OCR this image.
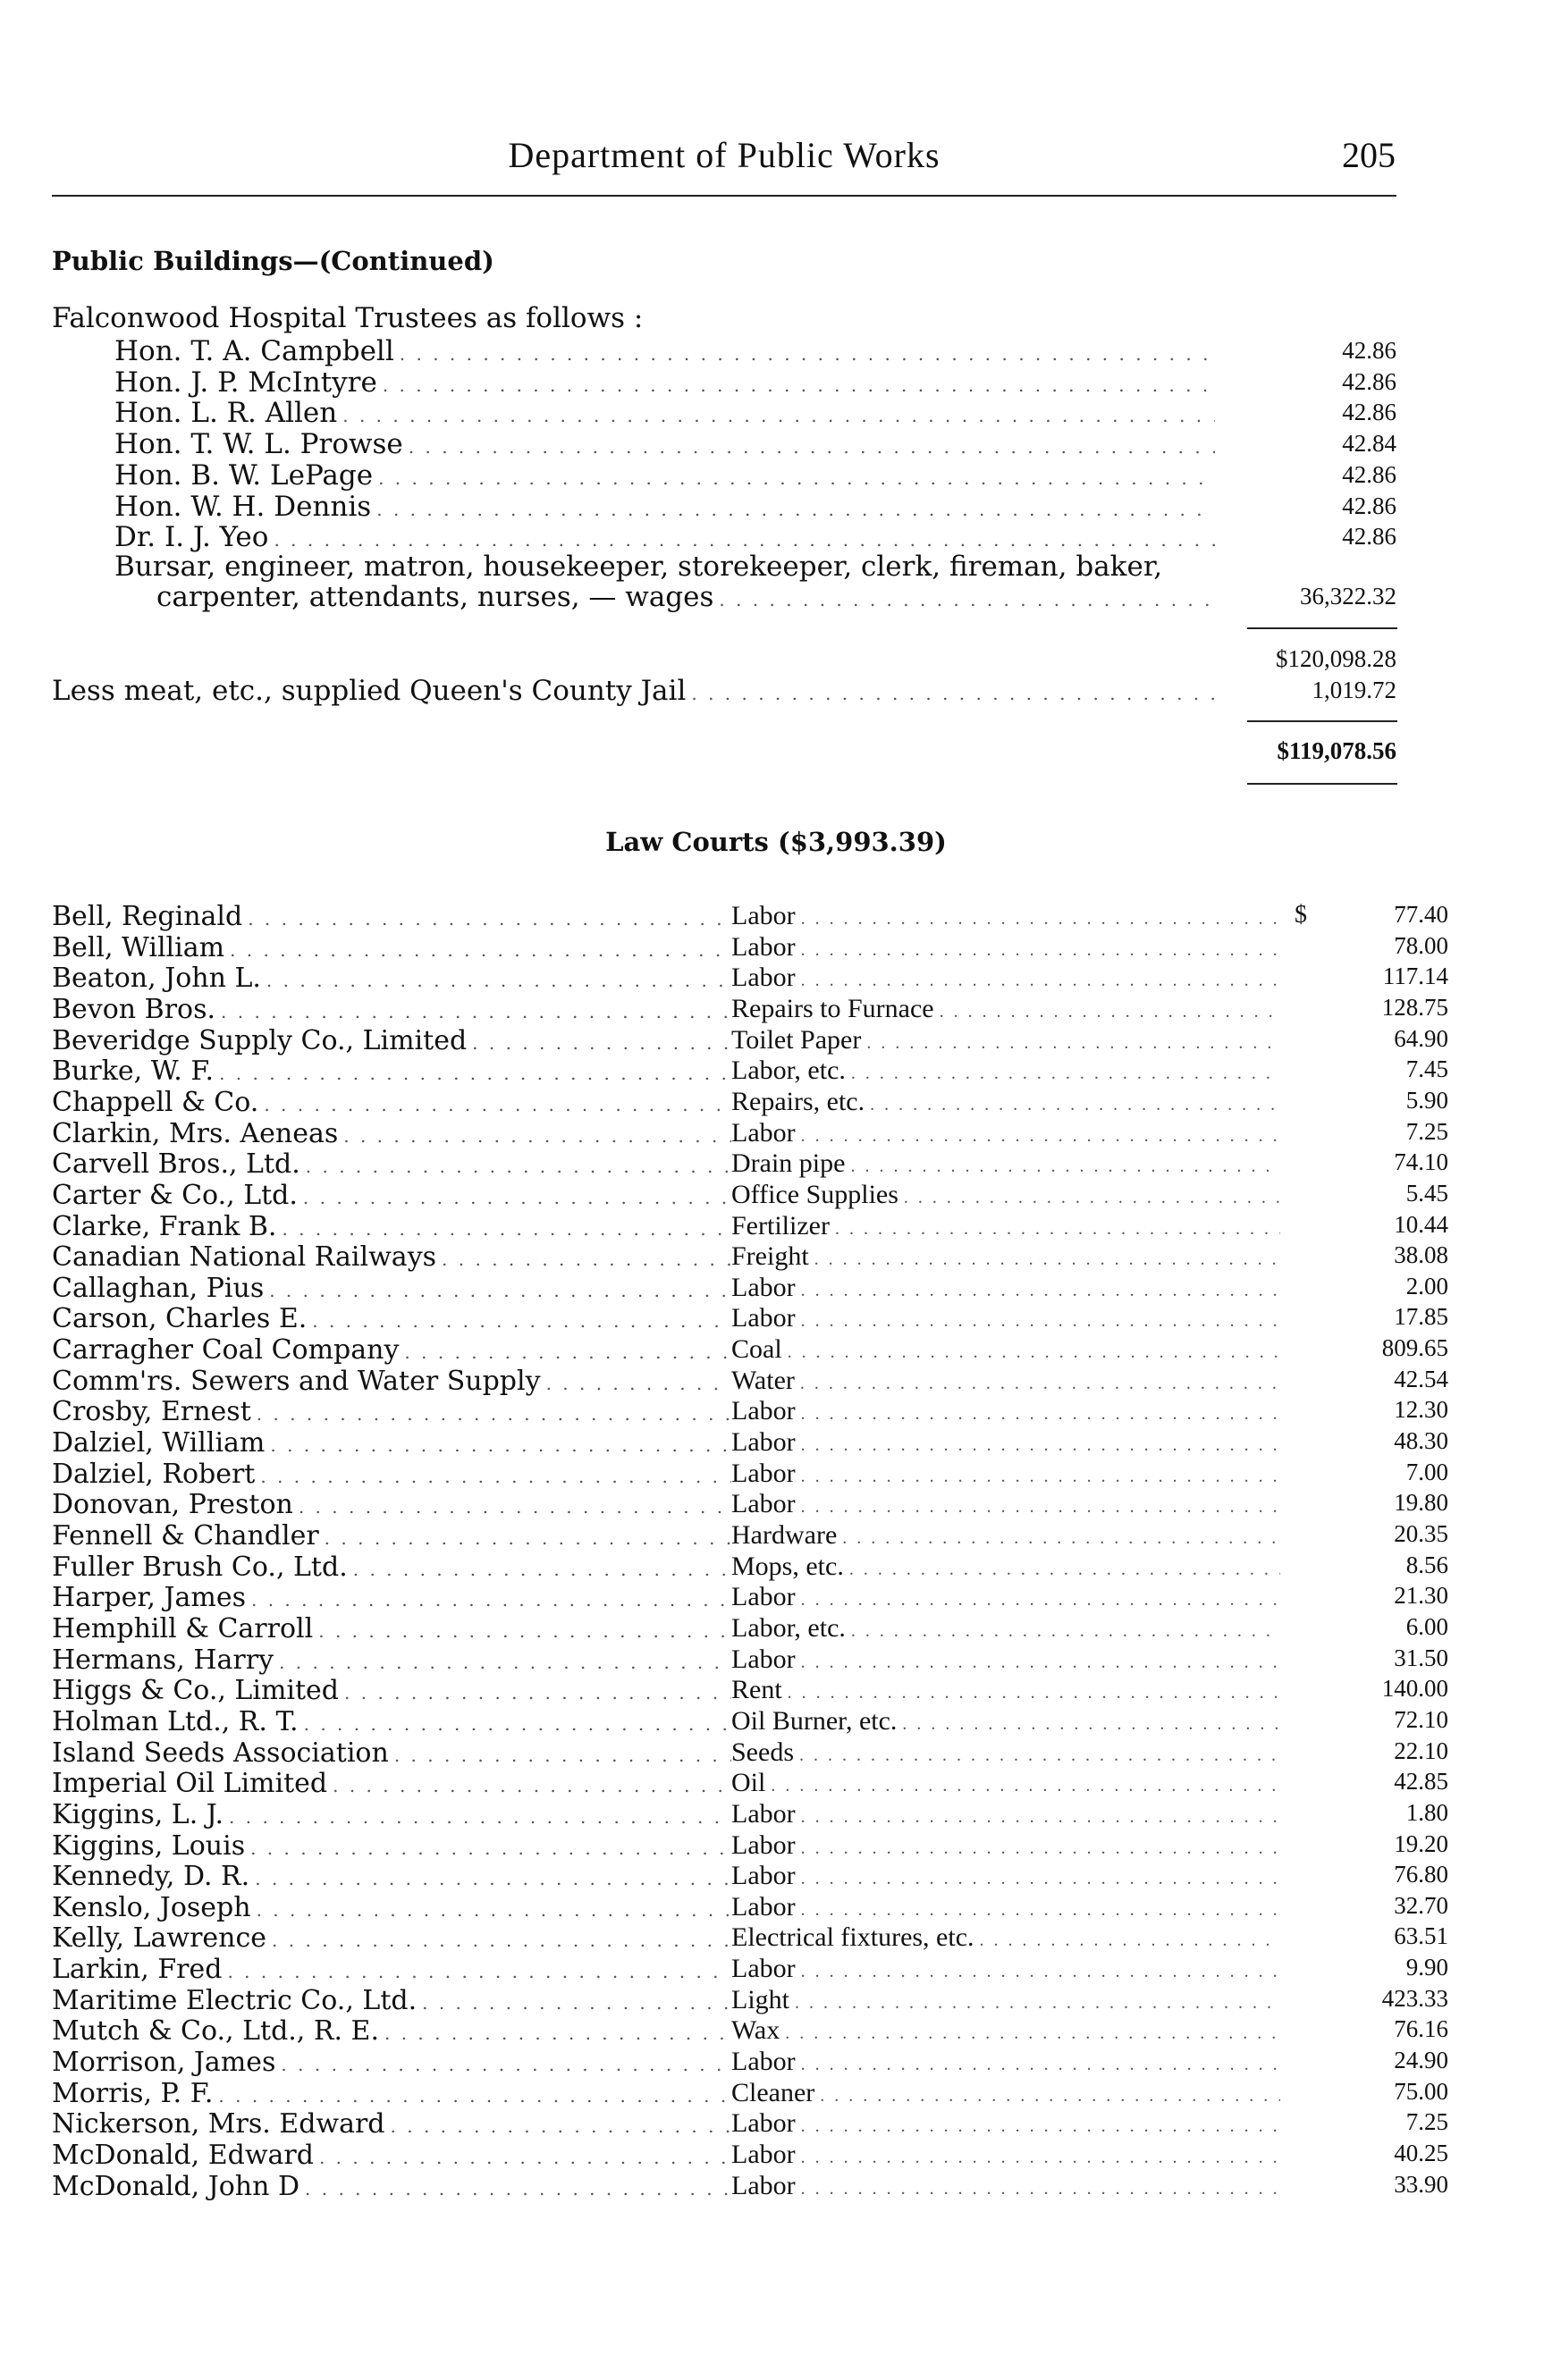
Department of Public Works	205
Public Buildings—(Continued)
Falconwood Hospital Trustees as follows :
Hon. T. A. Campbell . . .	42.86
Hon. J. P. McIntyre . . .	42.86
Hon. L. R. Allen . . .	42.86
Hon. T. W. L. Prowse . . .	42.84
Hon. B. W. LePage . . .	42.86
Hon. W. H. Dennis . . .	42.86
Dr. I. J. Yeo . . .	42.86
Bursar, engineer, matron, housekeeper, storekeeper, clerk, fireman, baker,
carpenter, attendants, nurses, — wages . . .	36,322.32
$120,098.28
Less meat, etc., supplied Queen's County Jail . . .	1,019.72
$119,078.56
Law Courts ($3,993.39)
Bell, Reginald . . .	Labor . . .	$	77.40
Bell, William . . .	Labor . . .	78.00
Beaton, John L. . . .	Labor . . .	117.14
Bevon Bros. . . .	Repairs to Furnace . . .	128.75
Beveridge Supply Co., Limited . . .	Toilet Paper . . .	64.90
Burke, W. F. . . .	Labor, etc. . . .	7.45
Chappell & Co. . . .	Repairs, etc. . . .	5.90
Clarkin, Mrs. Aeneas . . .	Labor . . .	7.25
Carvell Bros., Ltd. . . .	Drain pipe . . .	74.10
Carter & Co., Ltd. . . .	Office Supplies . . .	5.45
Clarke, Frank B. . . .	Fertilizer . . .	10.44
Canadian National Railways . . .	Freight . . .	38.08
Callaghan, Pius . . .	Labor . . .	2.00
Carson, Charles E. . . .	Labor . . .	17.85
Carragher Coal Company . . .	Coal . . .	809.65
Comm'rs. Sewers and Water Supply . . .	Water . . .	42.54
Crosby, Ernest . . .	Labor . . .	12.30
Dalziel, William . . .	Labor . . .	48.30
Dalziel, Robert . . .	Labor . . .	7.00
Donovan, Preston . . .	Labor . . .	19.80
Fennell & Chandler . . .	Hardware . . .	20.35
Fuller Brush Co., Ltd. . . .	Mops, etc. . . .	8.56
Harper, James . . .	Labor . . .	21.30
Hemphill & Carroll . . .	Labor, etc. . . .	6.00
Hermans, Harry . . .	Labor . . .	31.50
Higgs & Co., Limited . . .	Rent . . .	140.00
Holman Ltd., R. T. . . .	Oil Burner, etc. . . .	72.10
Island Seeds Association . . .	Seeds . . .	22.10
Imperial Oil Limited . . .	Oil . . .	42.85
Kiggins, L. J. . . .	Labor . . .	1.80
Kiggins, Louis . . .	Labor . . .	19.20
Kennedy, D. R. . . .	Labor . . .	76.80
Kenslo, Joseph . . .	Labor . . .	32.70
Kelly, Lawrence . . .	Electrical fixtures, etc. . . .	63.51
Larkin, Fred . . .	Labor . . .	9.90
Maritime Electric Co., Ltd. . . .	Light . . .	423.33
Mutch & Co., Ltd., R. E. . . .	Wax . . .	76.16
Morrison, James . . .	Labor . . .	24.90
Morris, P. F. . . .	Cleaner . . .	75.00
Nickerson, Mrs. Edward . . .	Labor . . .	7.25
McDonald, Edward . . .	Labor . . .	40.25
McDonald, John D . . .	Labor . . .	33.90
